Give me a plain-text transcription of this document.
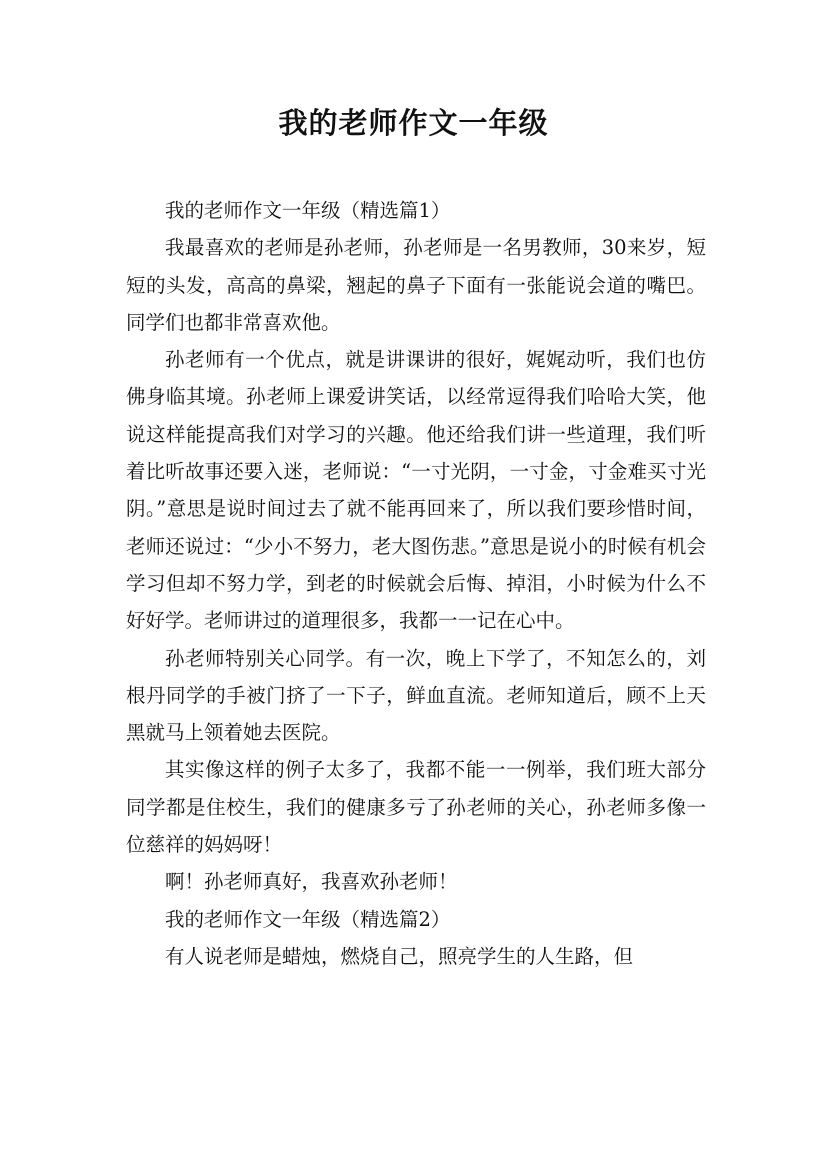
我的老师作文一年级

我的老师作文一年级（精选篇1）

我最喜欢的老师是孙老师，孙老师是一名男教师，30来岁，短短的头发，高高的鼻梁，翘起的鼻子下面有一张能说会道的嘴巴。同学们也都非常喜欢他。

孙老师有一个优点，就是讲课讲的很好，娓娓动听，我们也仿佛身临其境。孙老师上课爱讲笑话，以经常逗得我们哈哈大笑，他说这样能提高我们对学习的兴趣。他还给我们讲一些道理，我们听着比听故事还要入迷，老师说：“一寸光阴，一寸金，寸金难买寸光阴。”意思是说时间过去了就不能再回来了，所以我们要珍惜时间，老师还说过：“少小不努力，老大图伤悲。”意思是说小的时候有机会学习但却不努力学，到老的时候就会后悔、掉泪，小时候为什么不好好学。老师讲过的道理很多，我都一一记在心中。

孙老师特别关心同学。有一次，晚上下学了，不知怎么的，刘根丹同学的手被门挤了一下子，鲜血直流。老师知道后，顾不上天黑就马上领着她去医院。

其实像这样的例子太多了，我都不能一一例举，我们班大部分同学都是住校生，我们的健康多亏了孙老师的关心，孙老师多像一位慈祥的妈妈呀！

啊！孙老师真好，我喜欢孙老师！

我的老师作文一年级（精选篇2）

有人说老师是蜡烛，燃烧自己，照亮学生的人生路，但
